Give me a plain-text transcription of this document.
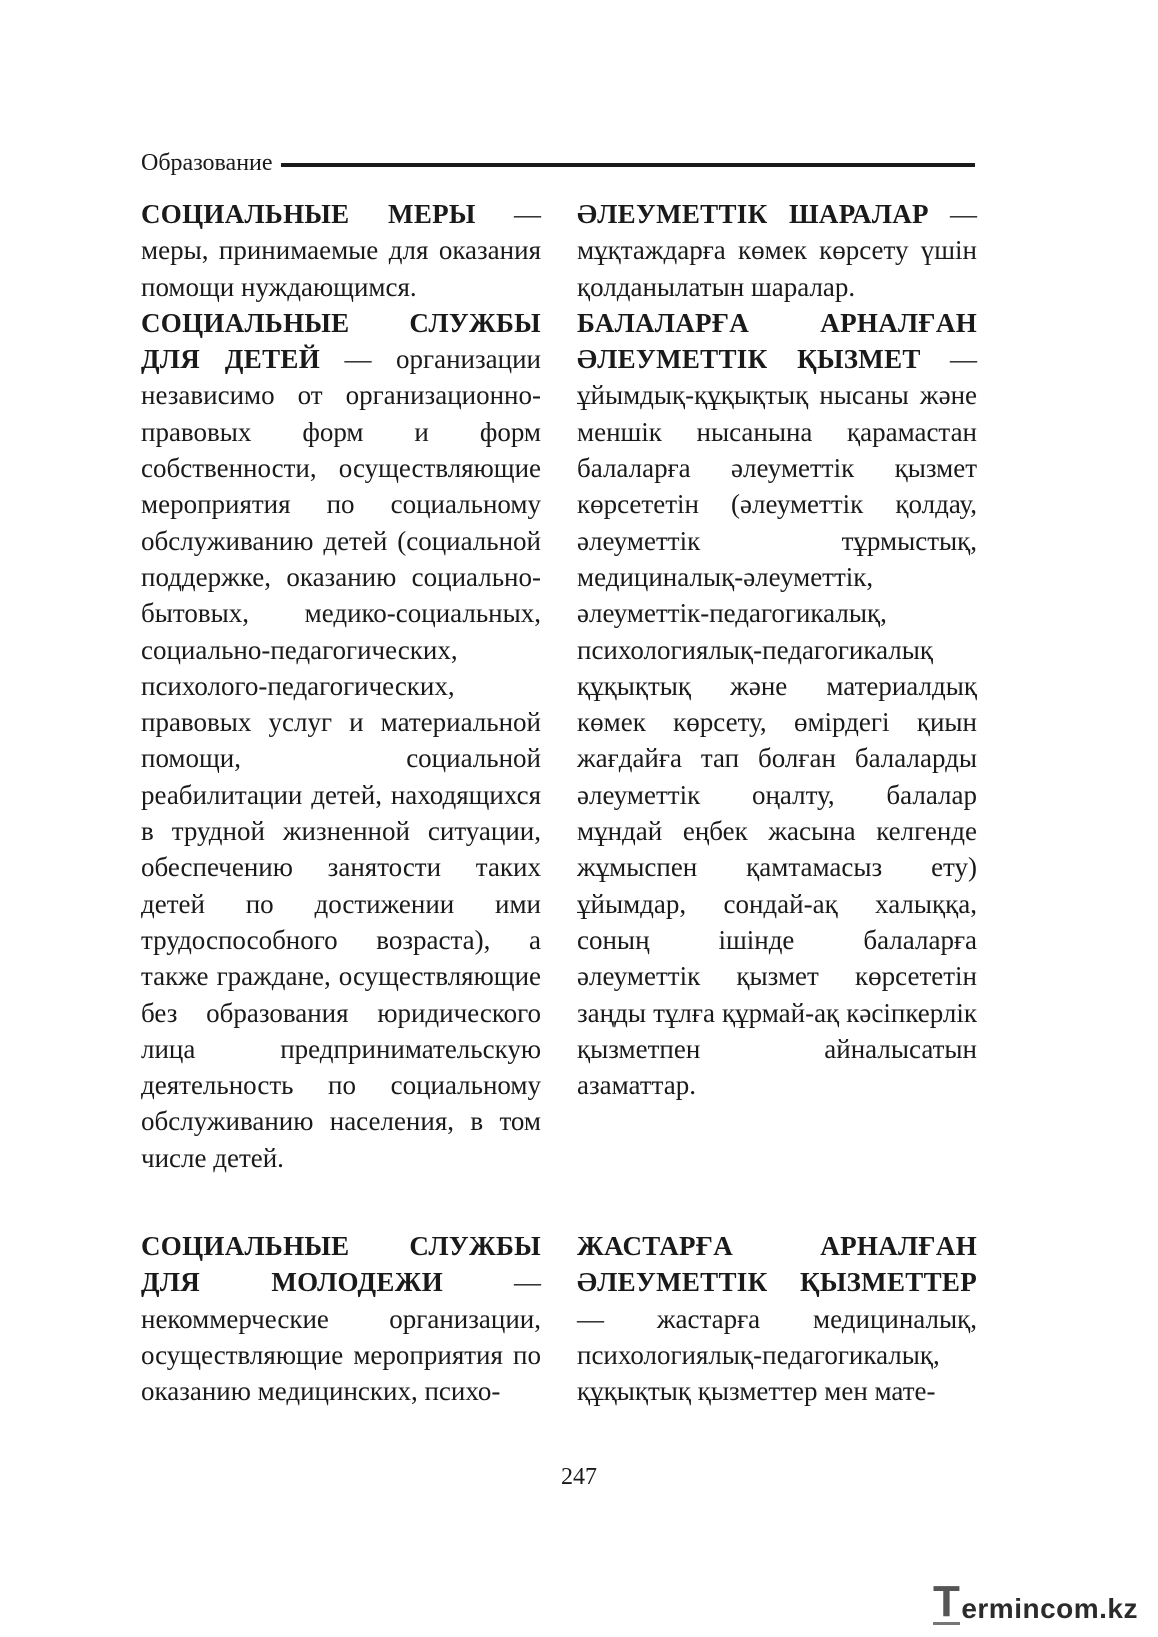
Образование

СОЦИАЛЬНЫЕ МЕРЫ — меры, принимаемые для оказания помощи нуждающимся.

СОЦИАЛЬНЫЕ СЛУЖБЫ ДЛЯ ДЕТЕЙ — организации независимо от организационно-правовых форм и форм собственности, осуществляющие мероприятия по социальному обслуживанию детей (социальной поддержке, оказанию социально-бытовых, медико-социальных, социально-педагогических, психолого-педагогических, правовых услуг и материальной помощи, социальной реабилитации детей, находящихся в трудной жизненной ситуации, обеспечению занятости таких детей по достижении ими трудоспособного возраста), а также граждане, осуществляющие без образования юридического лица предпринимательскую деятельность по социальному обслуживанию населения, в том числе детей.

ӘЛЕУМЕТТІК ШАРАЛАР — мұқтаждарға көмек көрсету үшін қолданылатын шаралар.

БАЛАЛАРҒА АРНАЛҒАН ӘЛЕУМЕТТІК ҚЫЗМЕТ — ұйымдық-құқықтық нысаны және меншік нысанына қарамастан балаларға әлеуметтік қызмет көрсететін (әлеуметтік қолдау, әлеуметтік тұрмыстық, медициналық-әлеуметтік, әлеуметтік-педагогикалық, психологиялық-педагогикалық құқықтық және материалдық көмек көрсету, өмірдегі қиын жағдайға тап болған балаларды әлеуметтік оңалту, балалар мұндай еңбек жасына келгенде жұмыспен қамтамасыз ету) ұйымдар, сондай-ақ халыққа, соның ішінде балаларға әлеуметтік қызмет көрсететін заңды тұлға құрмай-ақ кәсіпкерлік қызметпен айналысатын азаматтар.

СОЦИАЛЬНЫЕ СЛУЖБЫ ДЛЯ МОЛОДЕЖИ — некоммерческие организации, осуществляющие мероприятия по оказанию медицинских, психо-

ЖАСТАРҒА АРНАЛҒАН ӘЛЕУМЕТТІК ҚЫЗМЕТТЕР — жастарға медициналық, психологиялық-педагогикалық, құқықтық қызметтер мен мате-

247
T ermincom.kz
